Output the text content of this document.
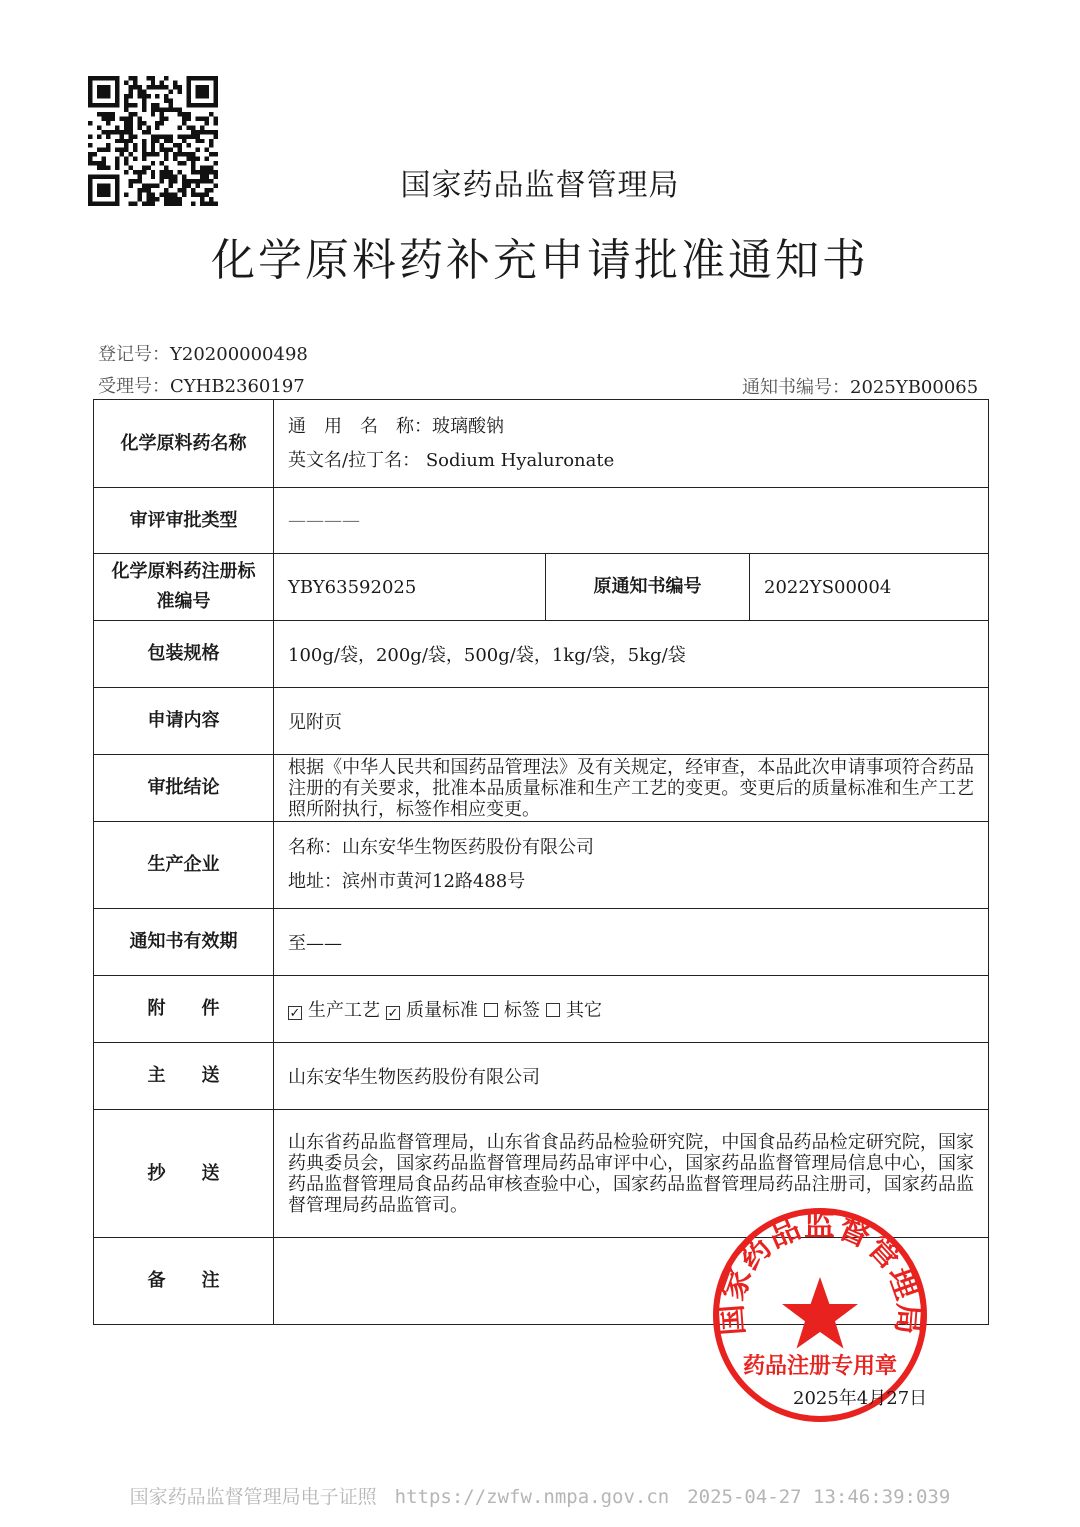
国家药品监督管理局
化学原料药补充申请批准通知书
登记号：Y20200000498
受理号：CYHB2360197	通知书编号：2025YB00065
化学原料药名称	通　用　名　称：玻璃酸钠
英文名/拉丁名： Sodium Hyaluronate		

审评审批类型	————		
化学原料药注册标准编号	YBY63592025	原通知书编号	2022YS00004
包装规格	100g/袋，200g/袋，500g/袋，1kg/袋，5kg/袋		
申请内容	见附页		
审批结论	根据《中华人民共和国药品管理法》及有关规定，经审查，本品此次申请事项符合药品注册的有关要求，批准本品质量标准和生产工艺的变更。变更后的质量标准和生产工艺照所附执行，标签作相应变更。		
生产企业	名称：山东安华生物医药股份有限公司
地址：滨州市黄河12路488号		

通知书有效期	至——		
附　　件	✓ 生产工艺 ✓ 质量标准 标签 其它		
主　　送	山东安华生物医药股份有限公司		
抄　　送	山东省药品监督管理局，山东省食品药品检验研究院，中国食品药品检定研究院，国家药典委员会，国家药品监督管理局药品审评中心，国家药品监督管理局信息中心，国家药品监督管理局食品药品审核查验中心，国家药品监督管理局药品注册司，国家药品监督管理局药品监管司。		
备　　注			
国家药品监督管理局
药品注册专用章
2025年4月27日
国家药品监督管理局电子证照 https://zwfw.nmpa.gov.cn 2025-04-27 13:46:39:039
